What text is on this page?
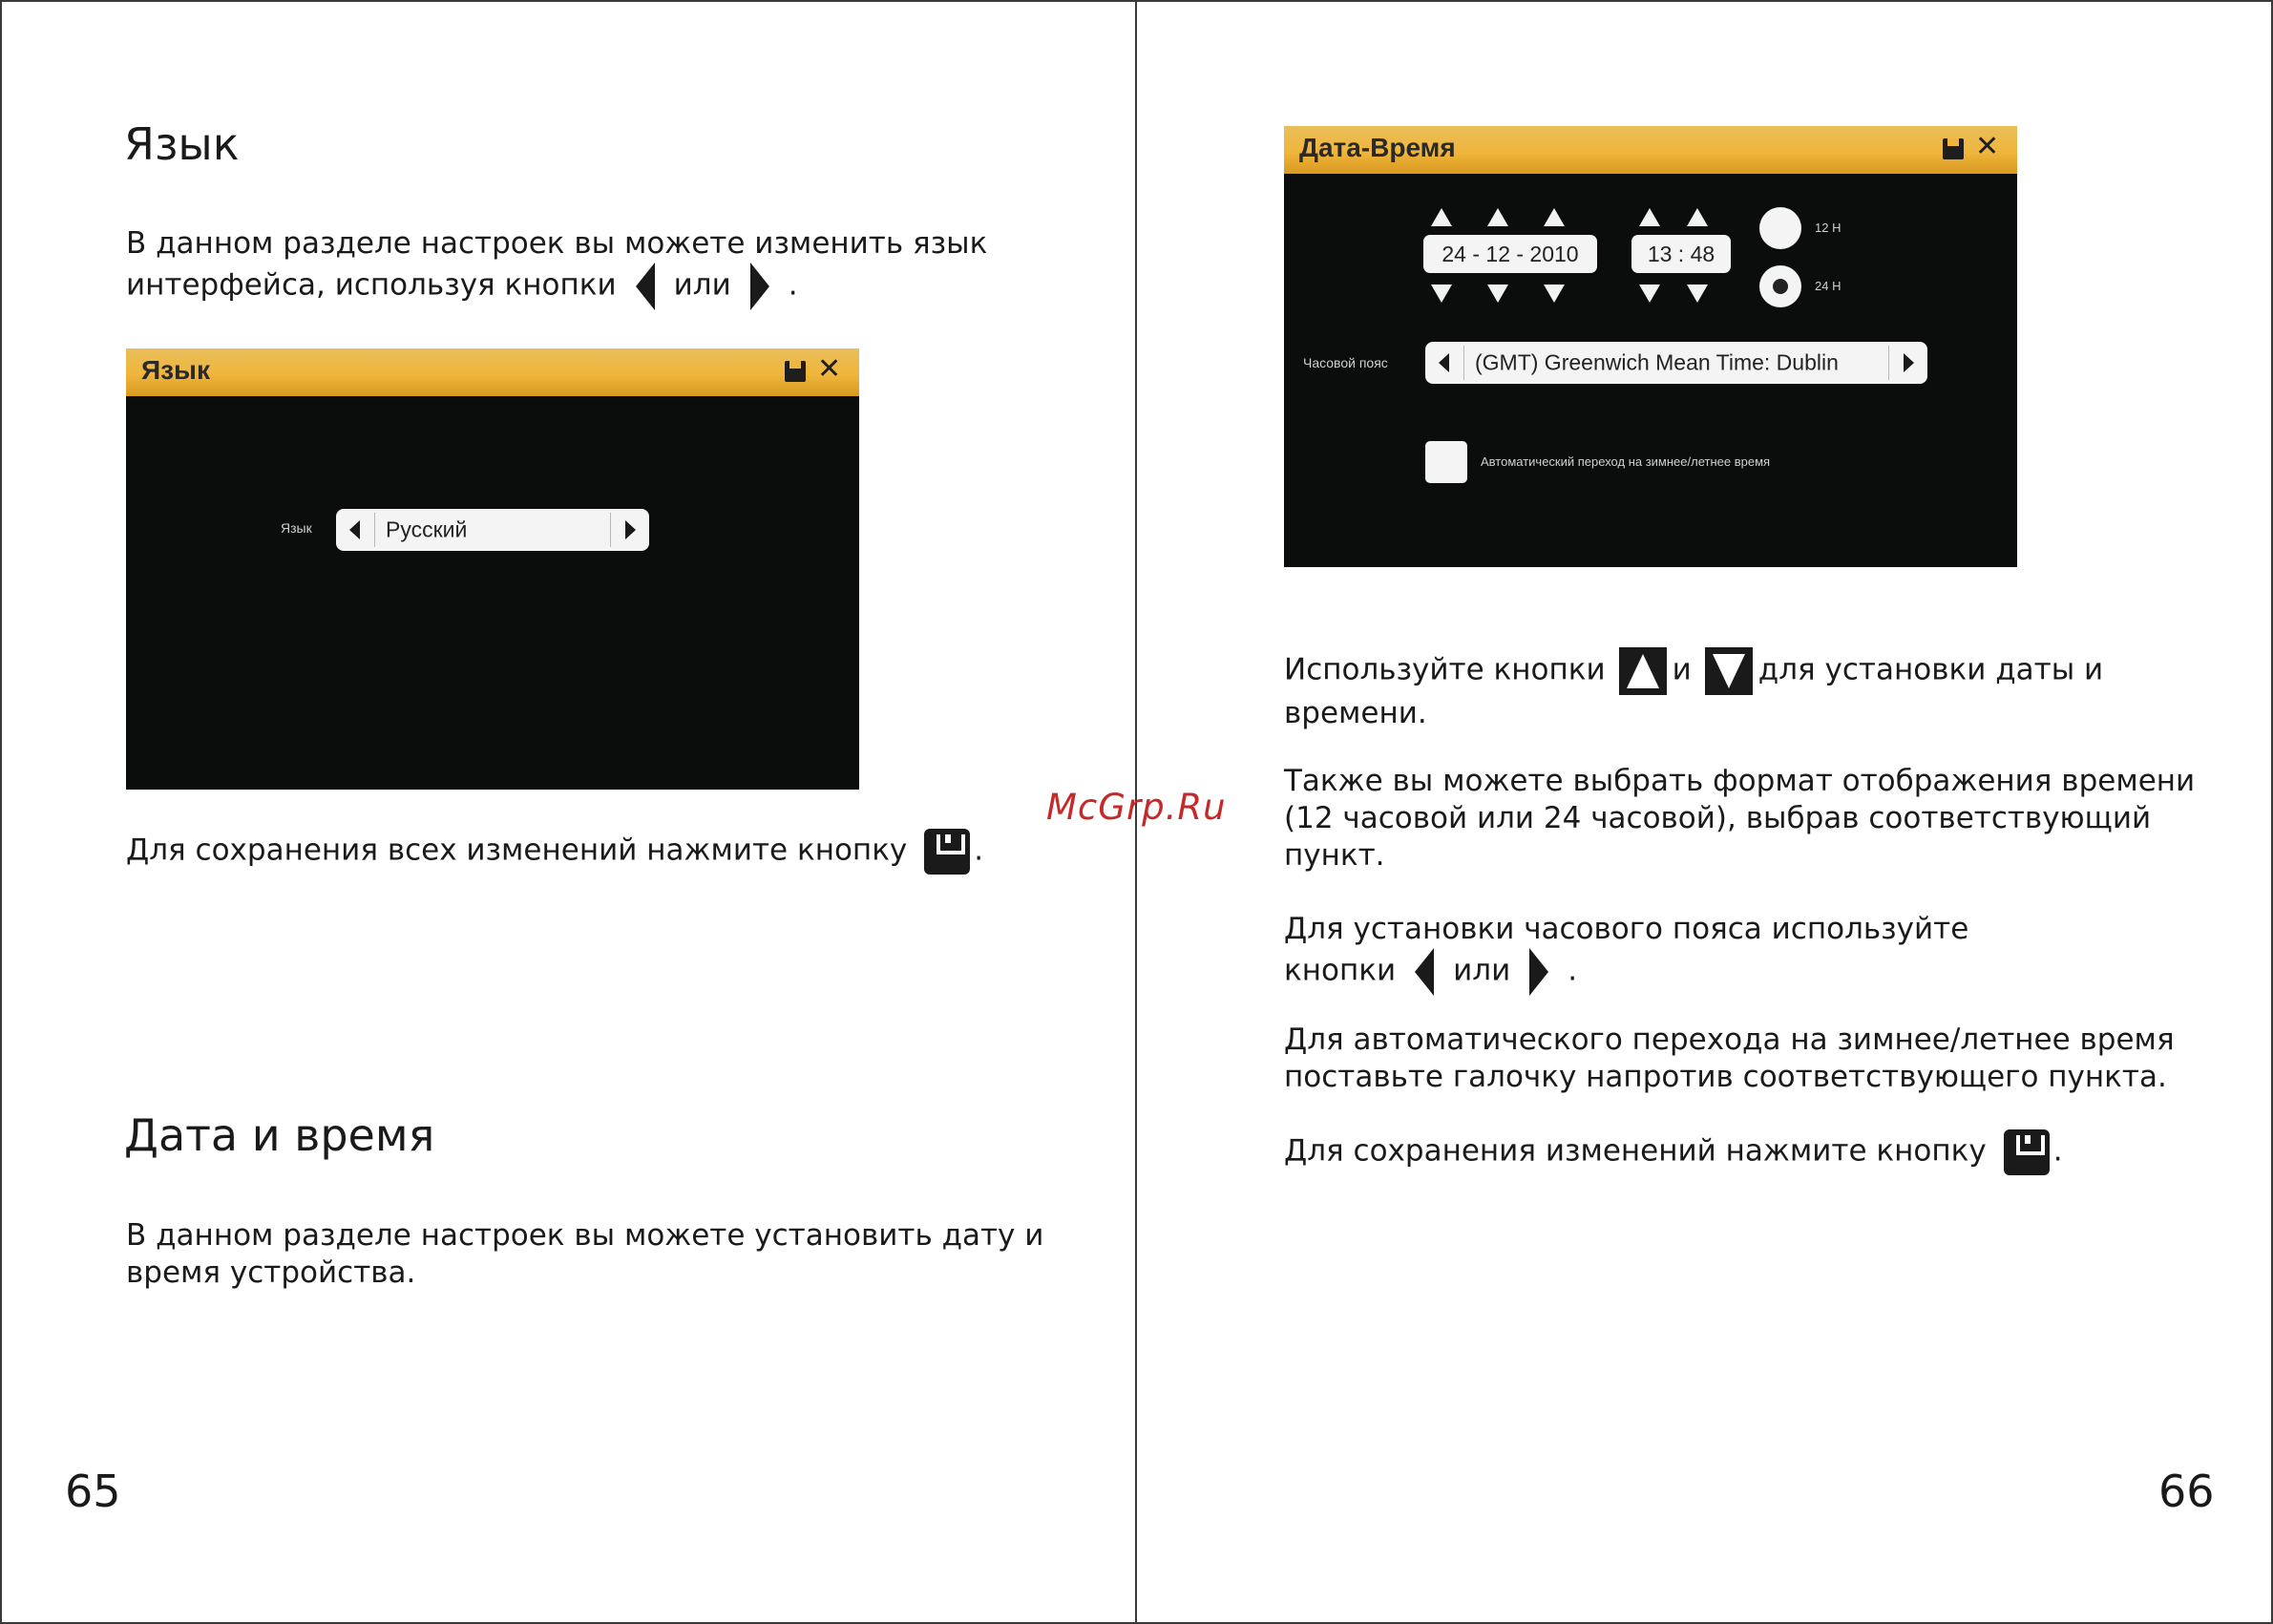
Язык
В данном разделе настроек вы можете изменить язык
интерфейса, используя кнопки или .
Язык	✕
Язык	Русский
Для сохранения всех изменений нажмите кнопку .
Дата и время
В данном разделе настроек вы можете установить дату и
время устройства.
65
Дата-Время	✕
24 - 12 - 2010	13 : 48
12 H
24 H
Часовой пояс	(GMT) Greenwich Mean Time: Dublin
Автоматический переход на зимнее/летнее время
Используйте кнопки и для установки даты и
времени.
Также вы можете выбрать формат отображения времени
(12 часовой или 24 часовой), выбрав соответствующий
пункт.
Для установки часового пояса используйте
кнопки или .
Для автоматического перехода на зимнее/летнее время
поставьте галочку напротив соответствующего пункта.
Для сохранения изменений нажмите кнопку .
66
McGrp.Ru
